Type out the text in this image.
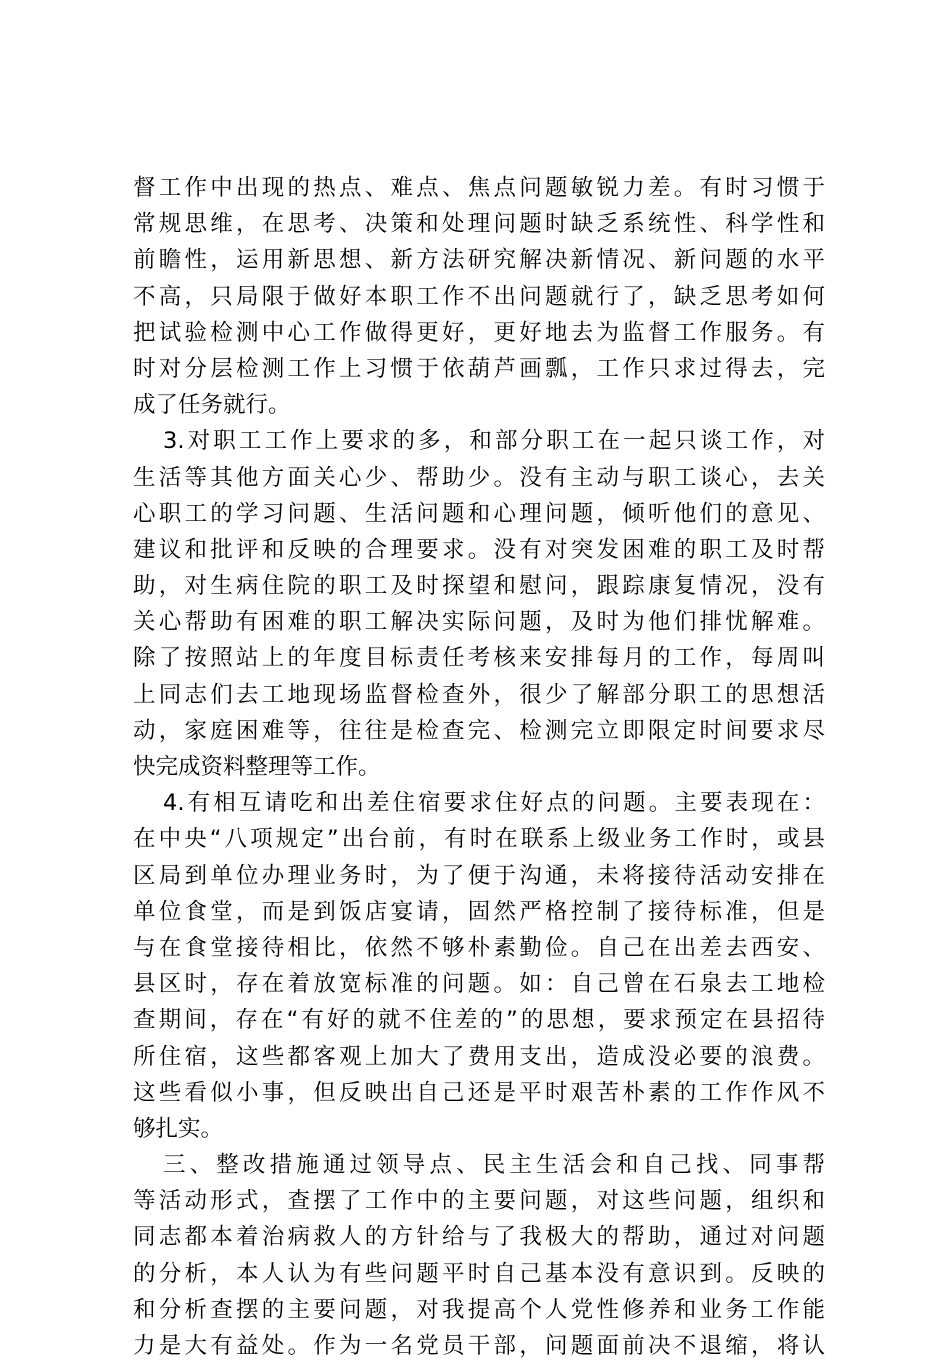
督工作中出现的热点、难点、焦点问题敏锐力差。有时习惯于
常规思维，在思考、决策和处理问题时缺乏系统性、科学性和
前瞻性，运用新思想、新方法研究解决新情况、新问题的水平
不高，只局限于做好本职工作不出问题就行了，缺乏思考如何
把试验检测中心工作做得更好，更好地去为监督工作服务。有
时对分层检测工作上习惯于依葫芦画瓢，工作只求过得去，完
成了任务就行。
3.对职工工作上要求的多，和部分职工在一起只谈工作，对
生活等其他方面关心少、帮助少。没有主动与职工谈心，去关
心职工的学习问题、生活问题和心理问题，倾听他们的意见、
建议和批评和反映的合理要求。没有对突发困难的职工及时帮
助，对生病住院的职工及时探望和慰问，跟踪康复情况，没有
关心帮助有困难的职工解决实际问题，及时为他们排忧解难。
除了按照站上的年度目标责任考核来安排每月的工作，每周叫
上同志们去工地现场监督检查外，很少了解部分职工的思想活
动，家庭困难等，往往是检查完、检测完立即限定时间要求尽
快完成资料整理等工作。
4.有相互请吃和出差住宿要求住好点的问题。主要表现在：
在中央“八项规定”出台前，有时在联系上级业务工作时，或县
区局到单位办理业务时，为了便于沟通，未将接待活动安排在
单位食堂，而是到饭店宴请，固然严格控制了接待标准，但是
与在食堂接待相比，依然不够朴素勤俭。自己在出差去西安、
县区时，存在着放宽标准的问题。如：自己曾在石泉去工地检
查期间，存在“有好的就不住差的”的思想，要求预定在县招待
所住宿，这些都客观上加大了费用支出，造成没必要的浪费。
这些看似小事，但反映出自己还是平时艰苦朴素的工作作风不
够扎实。
三、整改措施通过领导点、民主生活会和自己找、同事帮
等活动形式，查摆了工作中的主要问题，对这些问题，组织和
同志都本着治病救人的方针给与了我极大的帮助，通过对问题
的分析，本人认为有些问题平时自己基本没有意识到。反映的
和分析查摆的主要问题，对我提高个人党性修养和业务工作能
力是大有益处。作为一名党员干部，问题面前决不退缩，将认
